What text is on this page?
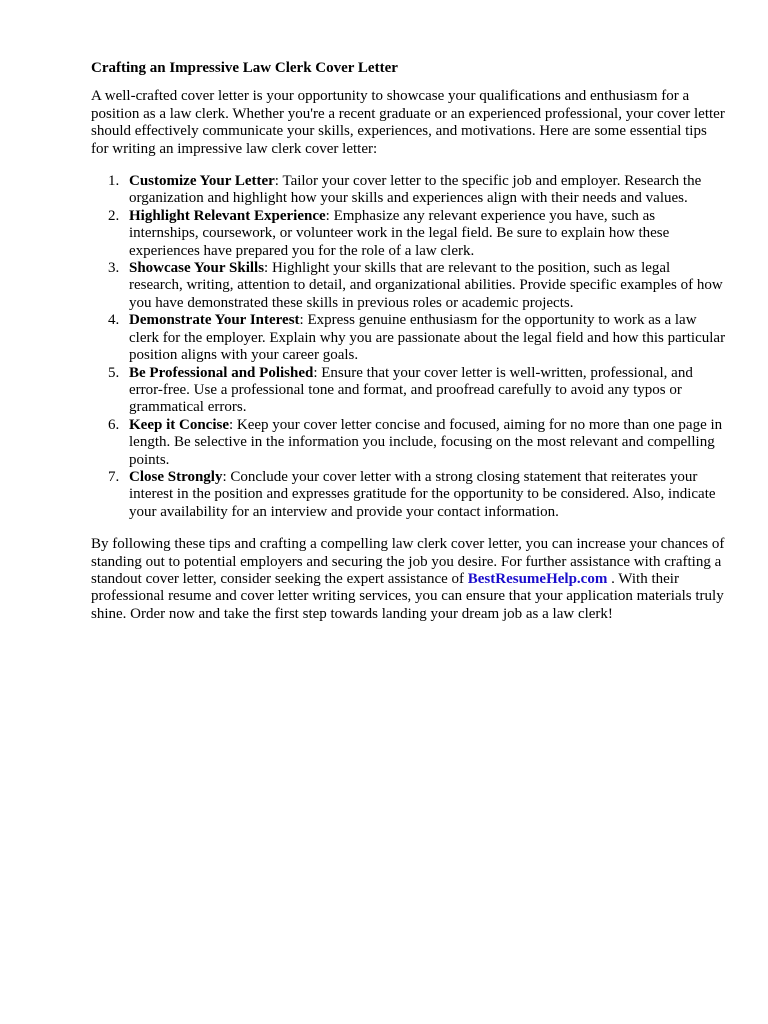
Crafting an Impressive Law Clerk Cover Letter

A well-crafted cover letter is your opportunity to showcase your qualifications and enthusiasm for a position as a law clerk. Whether you're a recent graduate or an experienced professional, your cover letter should effectively communicate your skills, experiences, and motivations. Here are some essential tips for writing an impressive law clerk cover letter:

1. Customize Your Letter: Tailor your cover letter to the specific job and employer. Research the organization and highlight how your skills and experiences align with their needs and values.
2. Highlight Relevant Experience: Emphasize any relevant experience you have, such as internships, coursework, or volunteer work in the legal field. Be sure to explain how these experiences have prepared you for the role of a law clerk.
3. Showcase Your Skills: Highlight your skills that are relevant to the position, such as legal research, writing, attention to detail, and organizational abilities. Provide specific examples of how you have demonstrated these skills in previous roles or academic projects.
4. Demonstrate Your Interest: Express genuine enthusiasm for the opportunity to work as a law clerk for the employer. Explain why you are passionate about the legal field and how this particular position aligns with your career goals.
5. Be Professional and Polished: Ensure that your cover letter is well-written, professional, and error-free. Use a professional tone and format, and proofread carefully to avoid any typos or grammatical errors.
6. Keep it Concise: Keep your cover letter concise and focused, aiming for no more than one page in length. Be selective in the information you include, focusing on the most relevant and compelling points.
7. Close Strongly: Conclude your cover letter with a strong closing statement that reiterates your interest in the position and expresses gratitude for the opportunity to be considered. Also, indicate your availability for an interview and provide your contact information.

By following these tips and crafting a compelling law clerk cover letter, you can increase your chances of standing out to potential employers and securing the job you desire. For further assistance with crafting a standout cover letter, consider seeking the expert assistance of BestResumeHelp.com . With their professional resume and cover letter writing services, you can ensure that your application materials truly shine. Order now and take the first step towards landing your dream job as a law clerk!
